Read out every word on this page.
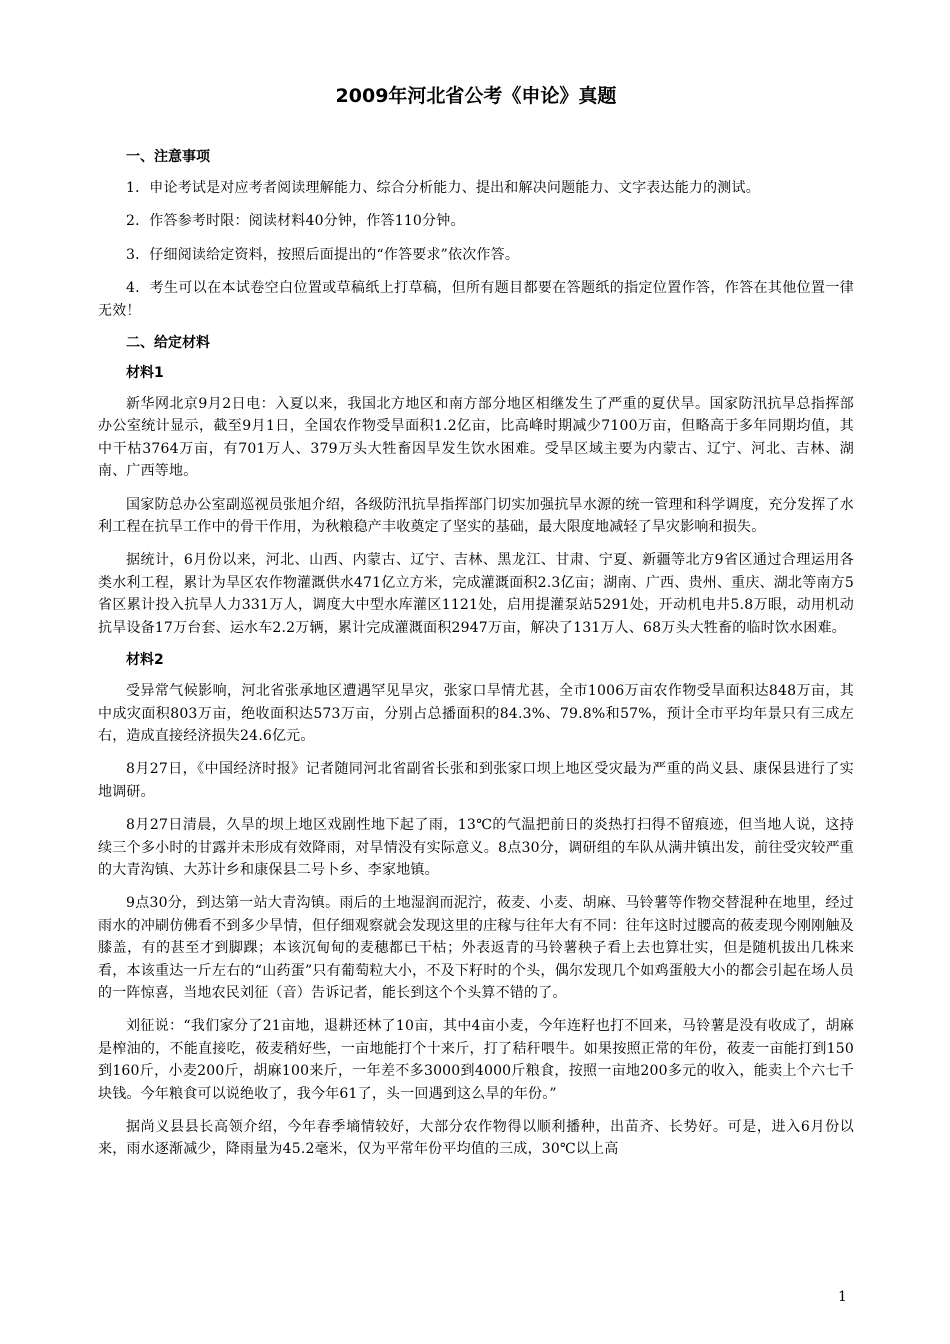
2009年河北省公考《申论》真题
一、注意事项

1．申论考试是对应考者阅读理解能力、综合分析能力、提出和解决问题能力、文字表达能力的测试。

2．作答参考时限：阅读材料40分钟，作答110分钟。

3．仔细阅读给定资料，按照后面提出的“作答要求”依次作答。

4．考生可以在本试卷空白位置或草稿纸上打草稿，但所有题目都要在答题纸的指定位置作答，作答在其他位置一律无效！

二、给定材料
材料1

新华网北京9月2日电：入夏以来，我国北方地区和南方部分地区相继发生了严重的夏伏旱。国家防汛抗旱总指挥部办公室统计显示，截至9月1日，全国农作物受旱面积1.2亿亩，比高峰时期减少7100万亩，但略高于多年同期均值，其中干枯3764万亩，有701万人、379万头大牲畜因旱发生饮水困难。受旱区域主要为内蒙古、辽宁、河北、吉林、湖南、广西等地。

国家防总办公室副巡视员张旭介绍，各级防汛抗旱指挥部门切实加强抗旱水源的统一管理和科学调度，充分发挥了水利工程在抗旱工作中的骨干作用，为秋粮稳产丰收奠定了坚实的基础，最大限度地减轻了旱灾影响和损失。

据统计，6月份以来，河北、山西、内蒙古、辽宁、吉林、黑龙江、甘肃、宁夏、新疆等北方9省区通过合理运用各类水利工程，累计为旱区农作物灌溉供水471亿立方米，完成灌溉面积2.3亿亩；湖南、广西、贵州、重庆、湖北等南方5省区累计投入抗旱人力331万人，调度大中型水库灌区1121处，启用提灌泵站5291处，开动机电井5.8万眼，动用机动抗旱设备17万台套、运水车2.2万辆，累计完成灌溉面积2947万亩，解决了131万人、68万头大牲畜的临时饮水困难。

材料2

受异常气候影响，河北省张承地区遭遇罕见旱灾，张家口旱情尤甚，全市1006万亩农作物受旱面积达848万亩，其中成灾面积803万亩，绝收面积达573万亩，分别占总播面积的84.3%、79.8%和57%，预计全市平均年景只有三成左右，造成直接经济损失24.6亿元。

8月27日，《中国经济时报》记者随同河北省副省长张和到张家口坝上地区受灾最为严重的尚义县、康保县进行了实地调研。

8月27日清晨，久旱的坝上地区戏剧性地下起了雨，13℃的气温把前日的炎热打扫得不留痕迹，但当地人说，这持续三个多小时的甘露并未形成有效降雨，对旱情没有实际意义。8点30分，调研组的车队从满井镇出发，前往受灾较严重的大青沟镇、大苏计乡和康保县二号卜乡、李家地镇。

9点30分，到达第一站大青沟镇。雨后的土地湿润而泥泞，莜麦、小麦、胡麻、马铃薯等作物交替混种在地里，经过雨水的冲刷仿佛看不到多少旱情，但仔细观察就会发现这里的庄稼与往年大有不同：往年这时过腰高的莜麦现今刚刚触及膝盖，有的甚至才到脚踝；本该沉甸甸的麦穗都已干枯；外表返青的马铃薯秧子看上去也算壮实，但是随机拔出几株来看，本该重达一斤左右的“山药蛋”只有葡萄粒大小，不及下籽时的个头，偶尔发现几个如鸡蛋般大小的都会引起在场人员的一阵惊喜，当地农民刘征（音）告诉记者，能长到这个个头算不错的了。

刘征说：“我们家分了21亩地，退耕还林了10亩，其中4亩小麦，今年连籽也打不回来，马铃薯是没有收成了，胡麻是榨油的，不能直接吃，莜麦稍好些，一亩地能打个十来斤，打了秸秆喂牛。如果按照正常的年份，莜麦一亩能打到150到160斤，小麦200斤，胡麻100来斤，一年差不多3000到4000斤粮食，按照一亩地200多元的收入，能卖上个六七千块钱。今年粮食可以说绝收了，我今年61了，头一回遇到这么旱的年份。”

据尚义县县长高领介绍，今年春季墒情较好，大部分农作物得以顺利播种，出苗齐、长势好。可是，进入6月份以来，雨水逐渐减少，降雨量为45.2毫米，仅为平常年份平均值的三成，30℃以上高

1
